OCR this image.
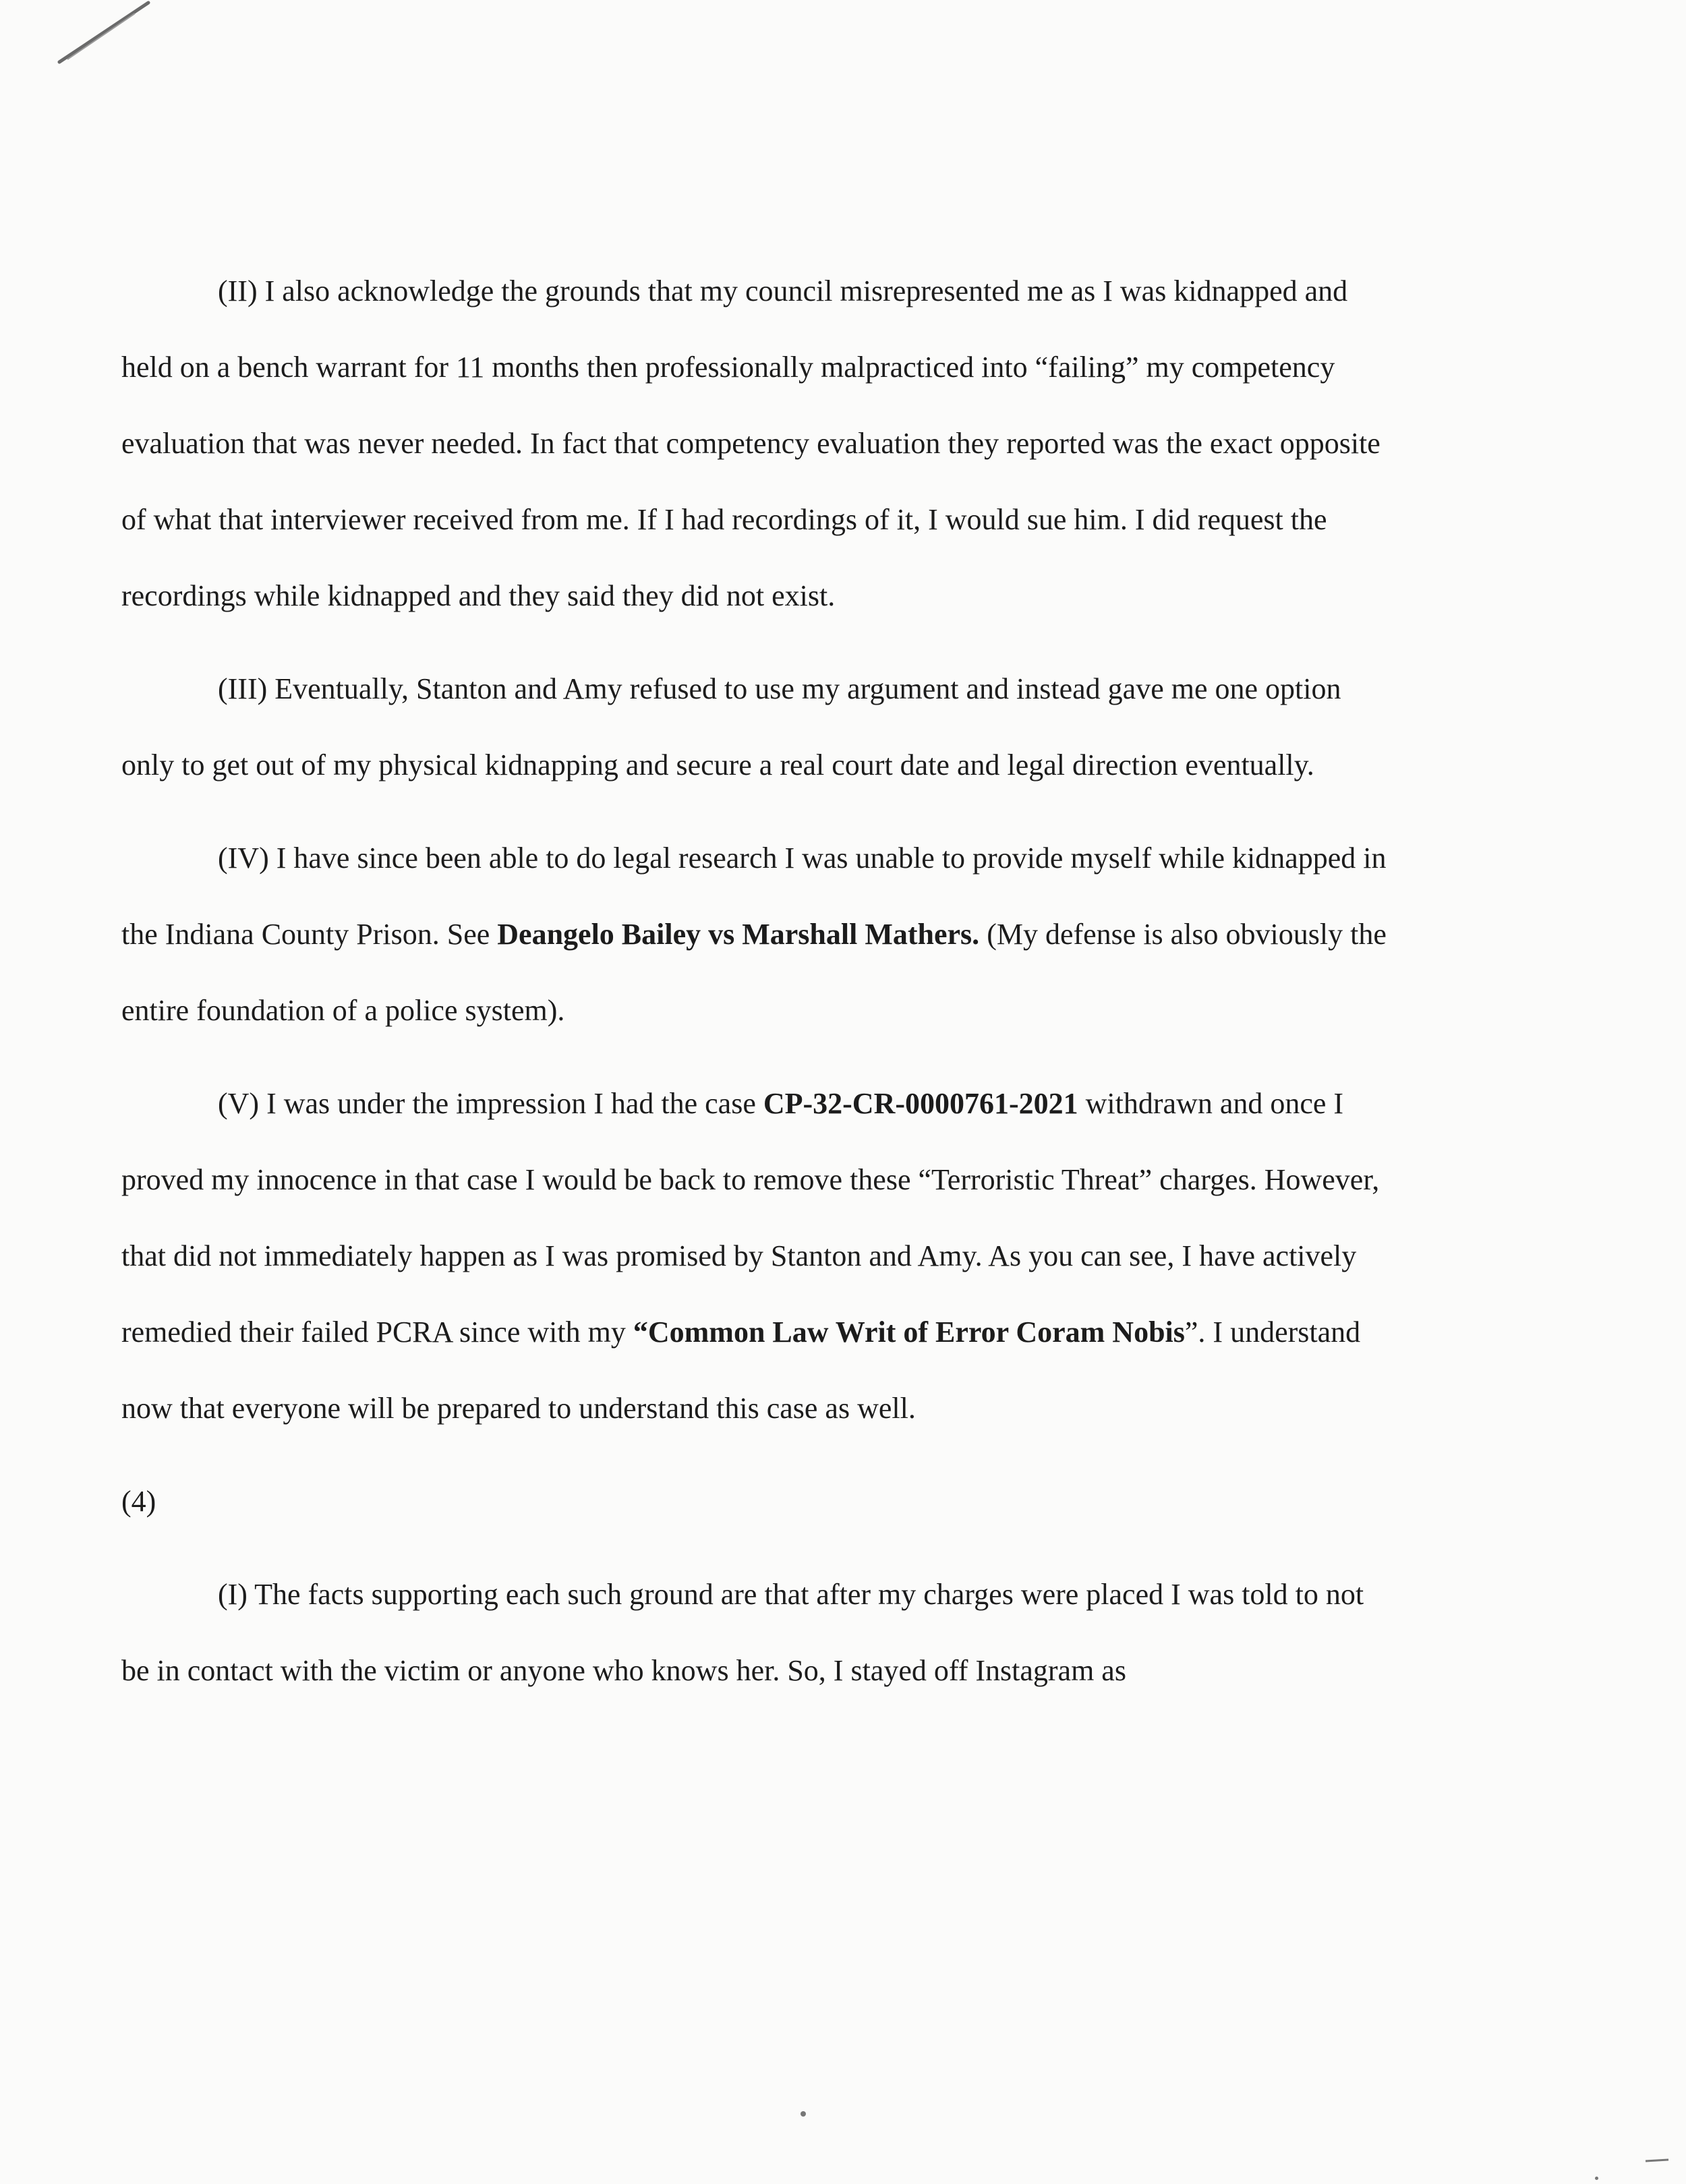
(II) I also acknowledge the grounds that my council misrepresented me as I was kidnapped and held on a bench warrant for 11 months then professionally malpracticed into “failing” my competency evaluation that was never needed. In fact that competency evaluation they reported was the exact opposite of what that interviewer received from me. If I had recordings of it, I would sue him. I did request the recordings while kidnapped and they said they did not exist.

(III) Eventually, Stanton and Amy refused to use my argument and instead gave me one option only to get out of my physical kidnapping and secure a real court date and legal direction eventually.

(IV) I have since been able to do legal research I was unable to provide myself while kidnapped in the Indiana County Prison. See Deangelo Bailey vs Marshall Mathers. (My defense is also obviously the entire foundation of a police system).

(V) I was under the impression I had the case CP-32-CR-0000761-2021 withdrawn and once I proved my innocence in that case I would be back to remove these “Terroristic Threat” charges. However, that did not immediately happen as I was promised by Stanton and Amy. As you can see, I have actively remedied their failed PCRA since with my “Common Law Writ of Error Coram Nobis”. I understand now that everyone will be prepared to understand this case as well.

(4)

(I) The facts supporting each such ground are that after my charges were placed I was told to not be in contact with the victim or anyone who knows her. So, I stayed off Instagram as
